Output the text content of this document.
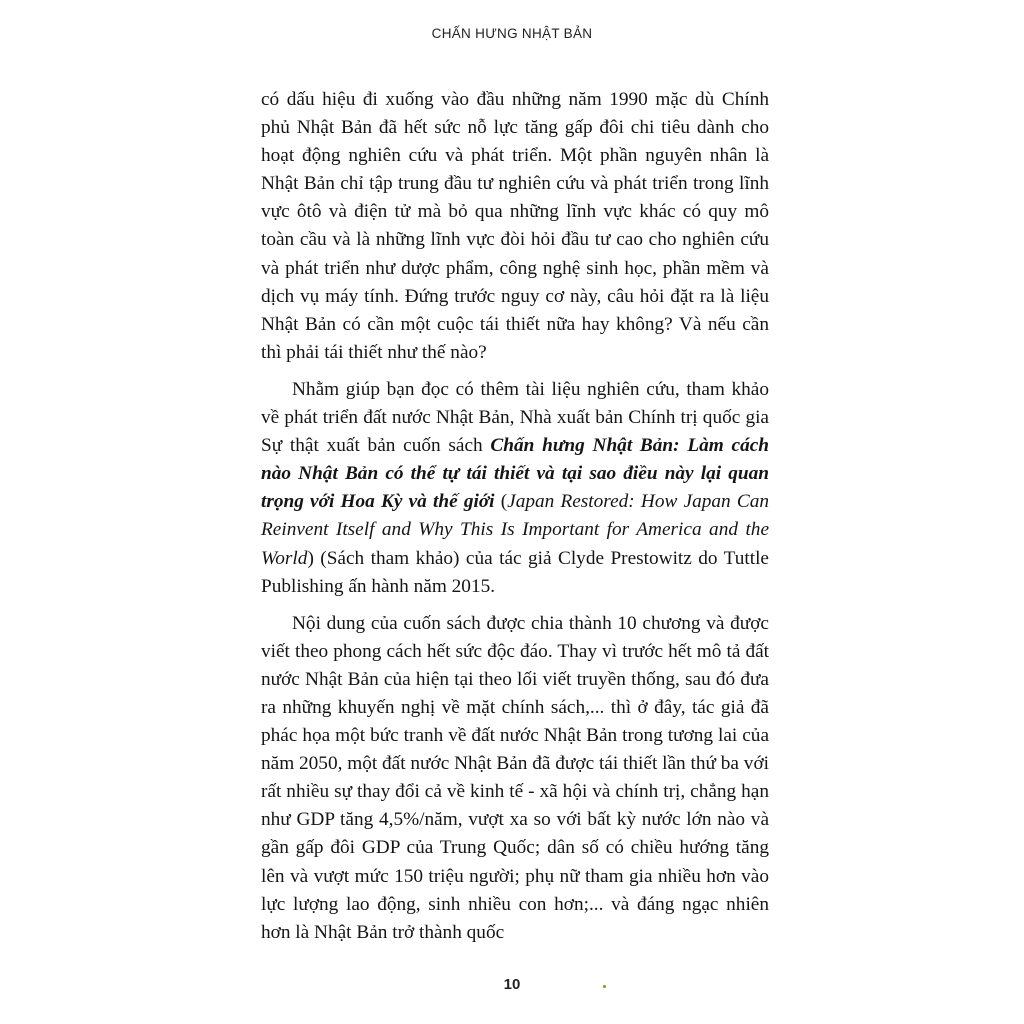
CHẤN HƯNG NHẬT BẢN

có dấu hiệu đi xuống vào đầu những năm 1990 mặc dù Chính phủ Nhật Bản đã hết sức nỗ lực tăng gấp đôi chi tiêu dành cho hoạt động nghiên cứu và phát triển. Một phần nguyên nhân là Nhật Bản chỉ tập trung đầu tư nghiên cứu và phát triển trong lĩnh vực ôtô và điện tử mà bỏ qua những lĩnh vực khác có quy mô toàn cầu và là những lĩnh vực đòi hỏi đầu tư cao cho nghiên cứu và phát triển như dược phẩm, công nghệ sinh học, phần mềm và dịch vụ máy tính. Đứng trước nguy cơ này, câu hỏi đặt ra là liệu Nhật Bản có cần một cuộc tái thiết nữa hay không? Và nếu cần thì phải tái thiết như thế nào?

Nhằm giúp bạn đọc có thêm tài liệu nghiên cứu, tham khảo về phát triển đất nước Nhật Bản, Nhà xuất bản Chính trị quốc gia Sự thật xuất bản cuốn sách Chấn hưng Nhật Bản: Làm cách nào Nhật Bản có thể tự tái thiết và tại sao điều này lại quan trọng với Hoa Kỳ và thế giới (Japan Restored: How Japan Can Reinvent Itself and Why This Is Important for America and the World) (Sách tham khảo) của tác giả Clyde Prestowitz do Tuttle Publishing ấn hành năm 2015.

Nội dung của cuốn sách được chia thành 10 chương và được viết theo phong cách hết sức độc đáo. Thay vì trước hết mô tả đất nước Nhật Bản của hiện tại theo lối viết truyền thống, sau đó đưa ra những khuyến nghị về mặt chính sách,... thì ở đây, tác giả đã phác họa một bức tranh về đất nước Nhật Bản trong tương lai của năm 2050, một đất nước Nhật Bản đã được tái thiết lần thứ ba với rất nhiều sự thay đổi cả về kinh tế - xã hội và chính trị, chẳng hạn như GDP tăng 4,5%/năm, vượt xa so với bất kỳ nước lớn nào và gần gấp đôi GDP của Trung Quốc; dân số có chiều hướng tăng lên và vượt mức 150 triệu người; phụ nữ tham gia nhiều hơn vào lực lượng lao động, sinh nhiều con hơn;... và đáng ngạc nhiên hơn là Nhật Bản trở thành quốc

10
